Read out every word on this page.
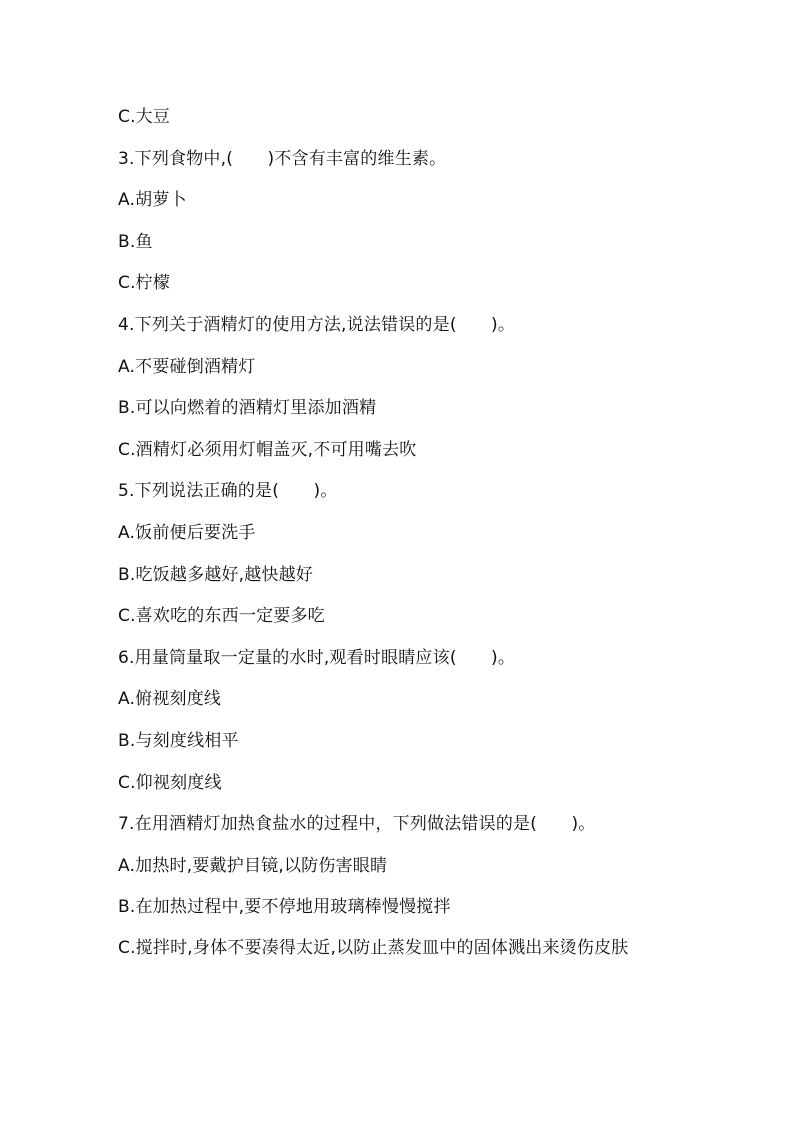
C.大豆
3.下列食物中,(　　)不含有丰富的维生素。
A.胡萝卜
B.鱼
C.柠檬
4.下列关于酒精灯的使用方法,说法错误的是(　　)。
A.不要碰倒酒精灯
B.可以向燃着的酒精灯里添加酒精
C.酒精灯必须用灯帽盖灭,不可用嘴去吹
5.下列说法正确的是(　　)。
A.饭前便后要洗手
B.吃饭越多越好,越快越好
C.喜欢吃的东西一定要多吃
6.用量筒量取一定量的水时,观看时眼睛应该(　　)。
A.俯视刻度线
B.与刻度线相平
C.仰视刻度线
7.在用酒精灯加热食盐水的过程中，下列做法错误的是(　　)。
A.加热时,要戴护目镜,以防伤害眼睛
B.在加热过程中,要不停地用玻璃棒慢慢搅拌
C.搅拌时,身体不要凑得太近,以防止蒸发皿中的固体溅出来烫伤皮肤
